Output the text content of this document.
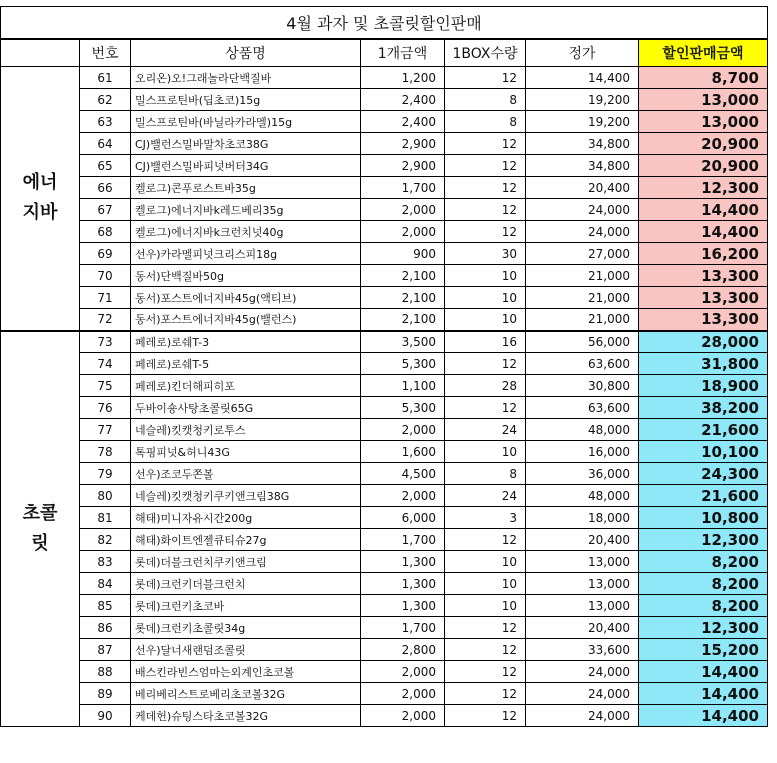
4월 과자 및 초콜릿할인판매						
	번호	상품명	1개금액	1BOX수량	정가	할인판매금액

에너
지바	61	오리온)오!그래놀라단백질바	1,200	12	14,400	8,700
	62	밀스프로틴바(딥초코)15g	2,400	8	19,200	13,000
	63	밀스프로틴바(바닐라카라멜)15g	2,400	8	19,200	13,000
	64	CJ)밸런스밀바말차초코38G	2,900	12	34,800	20,900
	65	CJ)밸런스밀바피넛버터34G	2,900	12	34,800	20,900
	66	켈로그)콘푸로스트바35g	1,700	12	20,400	12,300
	67	켈로그)에너지바k레드베리35g	2,000	12	24,000	14,400
	68	켈로그)에너지바k크런치넛40g	2,000	12	24,000	14,400
	69	선우)카라멜피넛크리스피18g	900	30	27,000	16,200
	70	동서)단백질바50g	2,100	10	21,000	13,300
	71	동서)포스트에너지바45g(액티브)	2,100	10	21,000	13,300
	72	동서)포스트에너지바45g(밸런스)	2,100	10	21,000	13,300

초콜
릿	73	페레로)로쉐T-3	3,500	16	56,000	28,000
	74	페레로)로쉐T-5	5,300	12	63,600	31,800
	75	페레로)킨더해피히포	1,100	28	30,800	18,900
	76	두바이숑사탕초콜릿65G	5,300	12	63,600	38,200
	77	네슬레)킷캣청키로투스	2,000	24	48,000	21,600
	78	톡핑피넛&허니43G	1,600	10	16,000	10,100
	79	선우)조코두쫀볼	4,500	8	36,000	24,300
	80	네슬레)킷캣청키쿠키앤크림38G	2,000	24	48,000	21,600
	81	해태)미니자유시간200g	6,000	3	18,000	10,800
	82	해태)화이트엔젤큐티슈27g	1,700	12	20,400	12,300
	83	롯데)더블크런치쿠키앤크림	1,300	10	13,000	8,200
	84	롯데)크런키더블크런치	1,300	10	13,000	8,200
	85	롯데)크런키초코바	1,300	10	13,000	8,200
	86	롯데)크런키초콜릿34g	1,700	12	20,400	12,300
	87	선우)달너새랜덤조콜릿	2,800	12	33,600	15,200
	88	배스킨라빈스엄마는외계인초코볼	2,000	12	24,000	14,400
	89	베리베리스트로베리초코볼32G	2,000	12	24,000	14,400
	90	케데헌)슈팅스타초코볼32G	2,000	12	24,000	14,400
